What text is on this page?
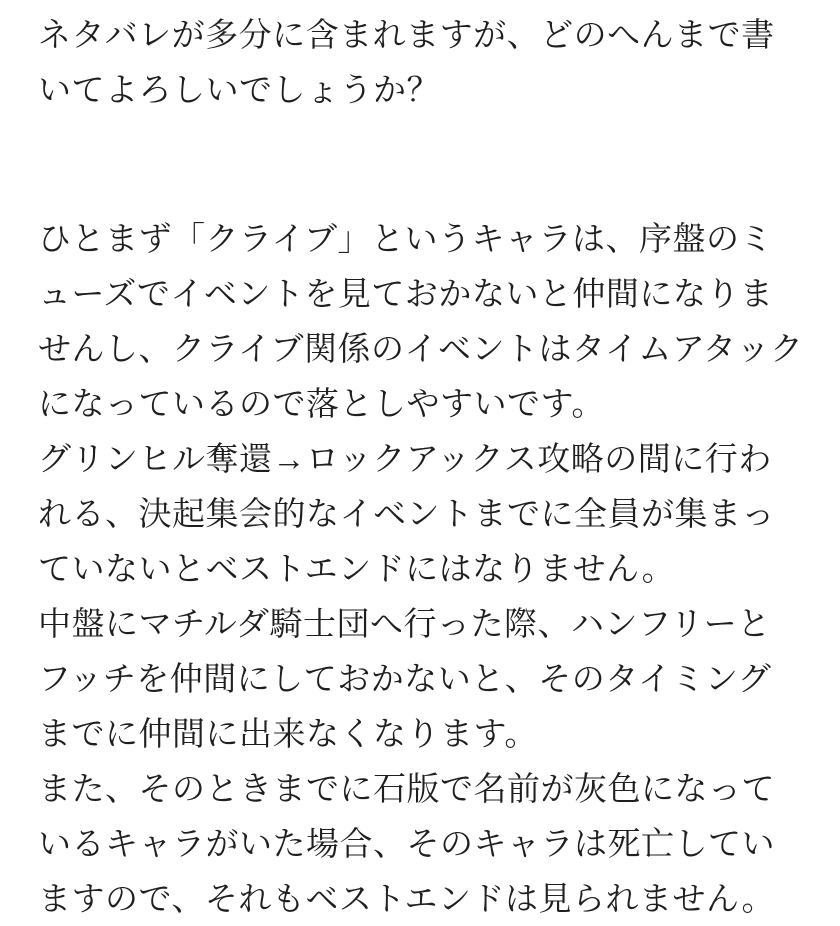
ネタバレが多分に含まれますが、どのへんまで書いてよろしいでしょうか？

ひとまず「クライブ」というキャラは、序盤のミューズでイベントを見ておかないと仲間になりませんし、クライブ関係のイベントはタイムアタックになっているので落としやすいです。

グリンヒル奪還→ロックアックス攻略の間に行われる、決起集会的なイベントまでに全員が集まっていないとベストエンドにはなりません。

中盤にマチルダ騎士団へ行った際、ハンフリーとフッチを仲間にしておかないと、そのタイミングまでに仲間に出来なくなります。

また、そのときまでに石版で名前が灰色になっているキャラがいた場合、そのキャラは死亡していますので、それもベストエンドは見られません。
